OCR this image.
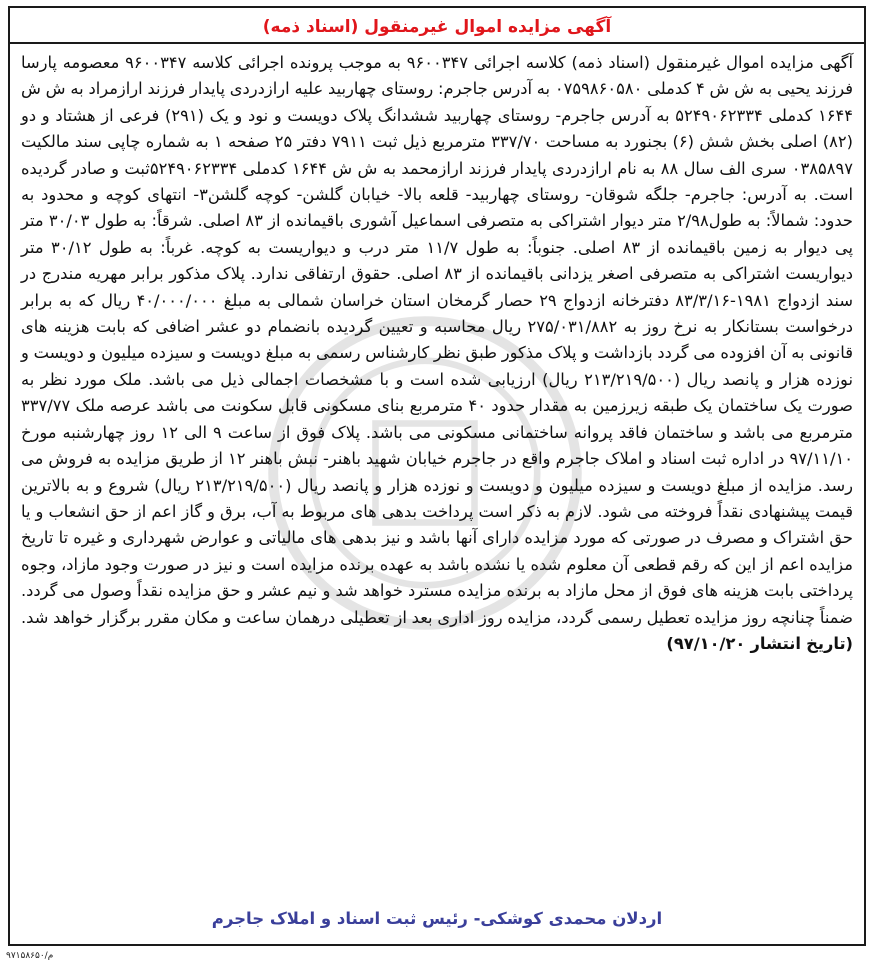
آگهی مزایده اموال غیرمنقول (اسناد ذمه)

آگهی مزایده اموال غیرمنقول (اسناد ذمه) کلاسه اجرائی ۹۶۰۰۳۴۷ به موجب پرونده اجرائی کلاسه ۹۶۰۰۳۴۷ معصومه پارسا فرزند یحیی به ش ش ۴ کدملی ۰۷۵۹۸۶۰۵۸۰ به آدرس جاجرم: روستای چهاربید علیه ارازدردی پایدار فرزند ارازمراد به ش ش ۱۶۴۴ کدملی ۵۲۴۹۰۶۲۳۳۴ به آدرس جاجرم- روستای چهاربید ششدانگ پلاک دویست و نود و یک (۲۹۱) فرعی از هشتاد و دو (۸۲) اصلی بخش شش (۶) بجنورد به مساحت ۳۳۷/۷۰ مترمربع ذیل ثبت ۷۹۱۱ دفتر ۲۵ صفحه ۱ به شماره چاپی سند مالکیت ۰۳۸۵۸۹۷ سری الف سال ۸۸ به نام ارازدردی پایدار فرزند ارازمحمد به ش ش ۱۶۴۴ کدملی ۵۲۴۹۰۶۲۳۳۴ثبت و صادر گردیده است. به آدرس: جاجرم- جلگه شوقان- روستای چهاربید- قلعه بالا- خیابان گلشن- کوچه گلشن۳- انتهای کوچه و محدود به حدود: شمالاً: به طول۲/۹۸ متر دیوار اشتراکی به متصرفی اسماعیل آشوری باقیمانده از ۸۳ اصلی. شرقاً: به طول ۳۰/۰۳ متر پی دیوار به زمین باقیمانده از ۸۳ اصلی. جنوباً: به طول ۱۱/۷ متر درب و دیواریست به کوچه. غرباً: به طول ۳۰/۱۲ متر دیواریست اشتراکی به متصرفی اصغر یزدانی باقیمانده از ۸۳ اصلی. حقوق ارتفاقی ندارد. پلاک مذکور برابر مهریه مندرج در سند ازدواج ۱۹۸۱-۸۳/۳/۱۶ دفترخانه ازدواج ۲۹ حصار گرمخان استان خراسان شمالی به مبلغ ۴۰/۰۰۰/۰۰۰ ریال که به برابر درخواست بستانکار به نرخ روز به ۲۷۵/۰۳۱/۸۸۲ ریال محاسبه و تعیین گردیده بانضمام دو عشر اضافی که بابت هزینه های قانونی به آن افزوده می گردد بازداشت و پلاک مذکور طبق نظر کارشناس رسمی به مبلغ دویست و سیزده میلیون و دویست و نوزده هزار و پانصد ریال (۲۱۳/۲۱۹/۵۰۰ ریال) ارزیابی شده است و با مشخصات اجمالی ذیل می باشد. ملک مورد نظر به صورت یک ساختمان یک طبقه زیرزمین به مقدار حدود ۴۰ مترمربع بنای مسکونی قابل سکونت می باشد عرصه ملک ۳۳۷/۷۷ مترمربع می باشد و ساختمان فاقد پروانه ساختمانی مسکونی می باشد. پلاک فوق از ساعت ۹ الی ۱۲ روز چهارشنبه مورخ ۹۷/۱۱/۱۰ در اداره ثبت اسناد و املاک جاجرم واقع در جاجرم خیابان شهید باهنر- نبش باهنر ۱۲ از طریق مزایده به فروش می رسد. مزایده از مبلغ دویست و سیزده میلیون و دویست و نوزده هزار و پانصد ریال (۲۱۳/۲۱۹/۵۰۰ ریال) شروع و به بالاترین قیمت پیشنهادی نقداً فروخته می شود. لازم به ذکر است پرداخت بدهی های مربوط به آب، برق و گاز اعم از حق انشعاب و یا حق اشتراک و مصرف در صورتی که مورد مزایده دارای آنها باشد و نیز بدهی های مالیاتی و عوارض شهرداری و غیره تا تاریخ مزایده اعم از این که رقم قطعی آن معلوم شده یا نشده باشد به عهده برنده مزایده است و نیز در صورت وجود مازاد، وجوه پرداختی بابت هزینه های فوق از محل مازاد به برنده مزایده مسترد خواهد شد و نیم عشر و حق مزایده نقداً وصول می گردد. ضمناً چنانچه روز مزایده تعطیل رسمی گردد، مزایده روز اداری بعد از تعطیلی درهمان ساعت و مکان مقرر برگزار خواهد شد. (تاریخ انتشار ۹۷/۱۰/۲۰)

اردلان محمدی کوشکی- رئیس ثبت اسناد و املاک جاجرم
م/۹۷۱۵۸۶۵۰
